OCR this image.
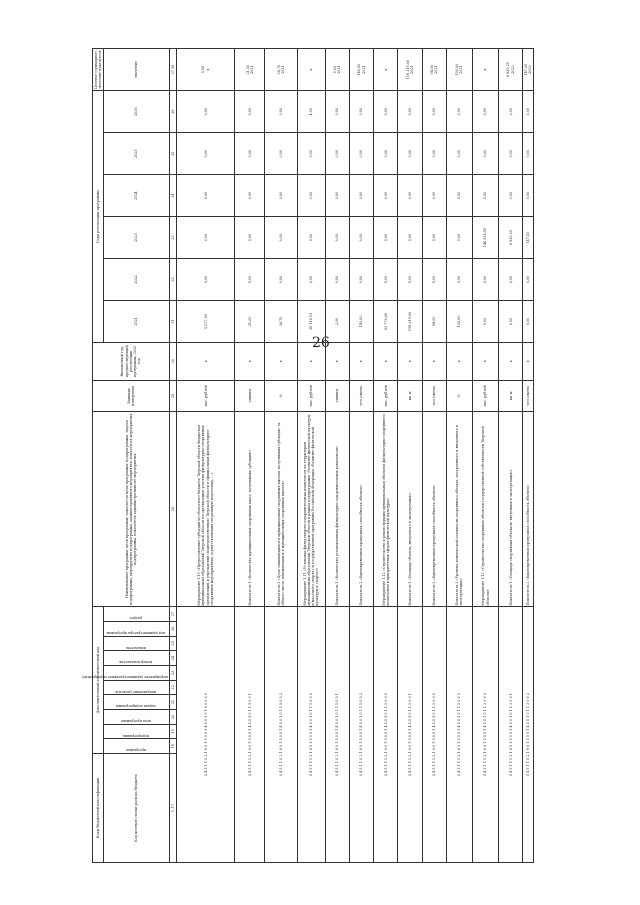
26
Коды бюджетной классификации	Дополнительный аналитический код										Наименование программы, цели программы, показателя цели программы, подпрограммы, задачи подпрограммы, мероприятия подпрограммы, административного мероприятия, показателя мероприятия подпрограммы, показателя административного мероприятия	Единица измерения	Финансовый год, предшествующий реализации программы, 2020 год	Годы реализации программы						Целевое (суммарное) значение показателя
Код целевой статьи расхода бюджета	программа	подпрограмма	цель программы	задача подпрограммы	направление расходов	мероприятие (административное мероприятие)	номер показателя	показатель	код администратора программы	раздел				2021	2022	2023	2024	2025	2026	значение
1–17	18	19	20	21	22	23	24	25	26	27	28	29	30	31	32	33	34	35	36	37 38
0 4 5 1 1 0 2 1 6 0 1 0 0 0 1 4 0 0 1 0 1 0 0 0 0 0											Мероприятие 1.19 «Предоставление субсидий из областного бюджета Тверской области бюджетам муниципальных образований Тверской области на организацию участия физкультурно-спортивных организаций и учреждений (подведомственных) Тверской области в официальных физкультурно-спортивных мероприятиях, осуществляющих спортивную подготовку, ...»	тыс. рублей	х	5 077,50	0,00	0,00	0,00	0,00	0,00	0,00 х

0 4 5 1 1 0 2 1 6 0 1 0 0 0 1 4 0 0 1 0 1 1 9 0 0 1											Показатель 1 «Количество муниципальных спортивных школ, получивших субсидию»	единиц	х	21,00	0,00	0,00	0,00	0,00	0,00	21,00 2021

0 4 5 1 1 0 2 1 6 0 1 0 0 0 1 4 0 0 1 0 1 1 9 0 0 2											Показатель 2 «Доля занимающихся в муниципальных спортивных школах, получивших субсидию, от общего числа занимающихся в муниципальных спортивных школах»	%	х	36,70	0,00	0,00	0,00	0,00	0,00	36,70 2021

0 4 5 1 1 0 2 1 6 0 1 0 0 0 1 4 0 0 1 0 1 1 1 0 0 0											Мероприятие 1.11 «Установка физкультурно-оздоровительных комплексов на территории муниципальных образований Тверской области в рамках подпрограммы «Развитие физической культуры и массового спорта» и государственной программы Российской Федерации «Развитие физической культуры и спорта»»	тыс. рублей	х	38 116,15	0,00	0,00	0,00	0,00	4,00	х

0 4 5 1 1 0 2 1 6 0 1 0 0 0 1 4 0 0 1 0 1 1 1 0 0 1											Показатель 1 «Количество установленных физкультурно-оздоровительных комплексов»	единиц	х	2,00	0,00	0,00	0,00	0,00	0,00	2,00 2021

0 4 5 1 1 0 2 1 6 0 1 0 0 0 1 4 0 0 1 0 1 1 1 0 0 2											Показатель 2 «Единовременная пропускная способность объекта»	чел./смена	х	140,00	0,00	0,00	0,00	0,00	0,00	140,00 2021

0 4 5 1 1 0 2 1 6 0 1 0 0 0 1 4 0 0 1 0 1 1 2 0 0 0											Мероприятие 1.12 «Строительство и реконструкция муниципальных объектов физкультурно-спортивного назначения в приоритетных сферах физической культуры»	тыс. рублей	х	63 770,00	0,00	0,00	0,00	0,00	0,00	х

0 4 5 1 1 0 2 1 6 0 1 0 0 0 1 4 0 0 1 0 1 1 2 0 0 1											Показатель 1 «Площадь объекта, введенного в эксплуатацию»	кв. м	х	116 319,00	0,00	0,00	0,00	0,00	0,00	116 319,00 2021

0 4 5 1 1 0 2 1 6 0 1 0 0 0 1 4 0 0 1 0 1 1 2 0 0 2											Показатель 2 «Единовременная пропускная способность объекта»	чел./смена	х	94,00	0,00	0,00	0,00	0,00	0,00	94,00 2021

0 4 5 1 1 0 2 1 6 0 1 0 0 0 1 4 0 0 1 0 1 1 2 0 0 3											Показатель 3 «Уровень технической готовности спортивного объекта, построенного и введенного в эксплуатацию»	%	х	100,00	0,00	0,00	0,00	0,00	0,00	100,00 2021

0 4 5 1 1 0 2 1 6 0 1 0 0 0 1 4 0 0 1 0 1 1 3 0 0 0											Мероприятие 1.13 «Строительство спортивных объектов государственной собственности Тверской области»	тыс. рублей	х	0,00	0,00	146 536,50	0,00	0,00	0,00	х

0 4 5 1 1 0 2 1 6 0 1 0 0 0 1 4 0 0 1 0 1 1 3 0 0 1											Показатель 1 «Площадь спортивных объектов, введенных в эксплуатацию»	кв. м	х	0,00	0,00	6 839,25	0,00	0,00	0,00	6 839,25 2023

0 4 5 1 1 0 2 1 6 0 1 0 0 0 1 4 0 0 1 0 1 1 3 0 0 2											Показатель 2 «Единовременная пропускная способность объекта»	чел./смена	х	0,00	0,00	147,00	0,00	0,00	0,00	147,00 2023
